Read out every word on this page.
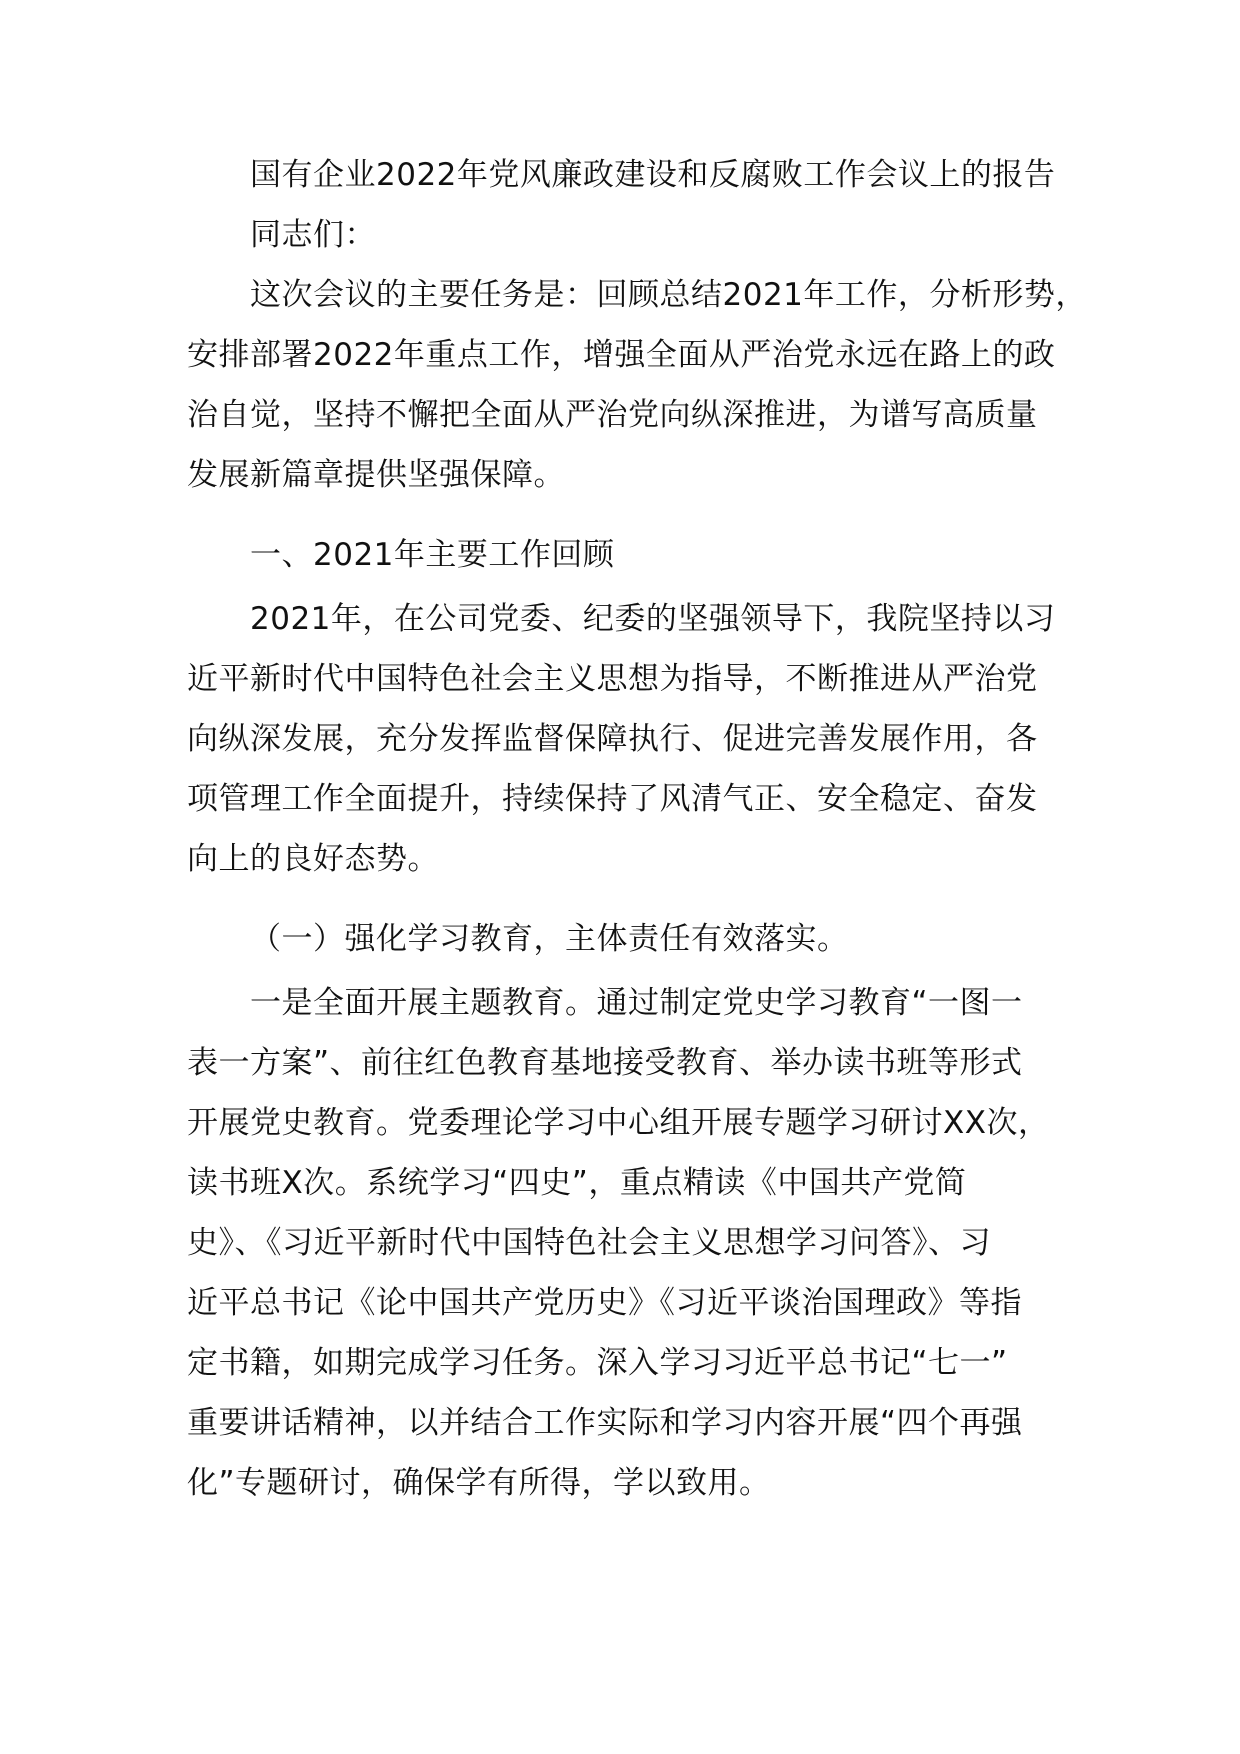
国有企业2022年党风廉政建设和反腐败工作会议上的报告
同志们：
这次会议的主要任务是：回顾总结2021年工作，分析形势，
安排部署2022年重点工作，增强全面从严治党永远在路上的政
治自觉，坚持不懈把全面从严治党向纵深推进，为谱写高质量
发展新篇章提供坚强保障。
一、2021年主要工作回顾
2021年，在公司党委、纪委的坚强领导下，我院坚持以习
近平新时代中国特色社会主义思想为指导，不断推进从严治党
向纵深发展，充分发挥监督保障执行、促进完善发展作用，各
项管理工作全面提升，持续保持了风清气正、安全稳定、奋发
向上的良好态势。
（一）强化学习教育，主体责任有效落实。
一是全面开展主题教育。通过制定党史学习教育“一图一
表一方案”、前往红色教育基地接受教育、举办读书班等形式
开展党史教育。党委理论学习中心组开展专题学习研讨XX次，
读书班X次。系统学习“四史”，重点精读《中国共产党简
史》、《习近平新时代中国特色社会主义思想学习问答》、习
近平总书记《论中国共产党历史》《习近平谈治国理政》等指
定书籍，如期完成学习任务。深入学习习近平总书记“七一”
重要讲话精神，以并结合工作实际和学习内容开展“四个再强
化”专题研讨，确保学有所得，学以致用。
